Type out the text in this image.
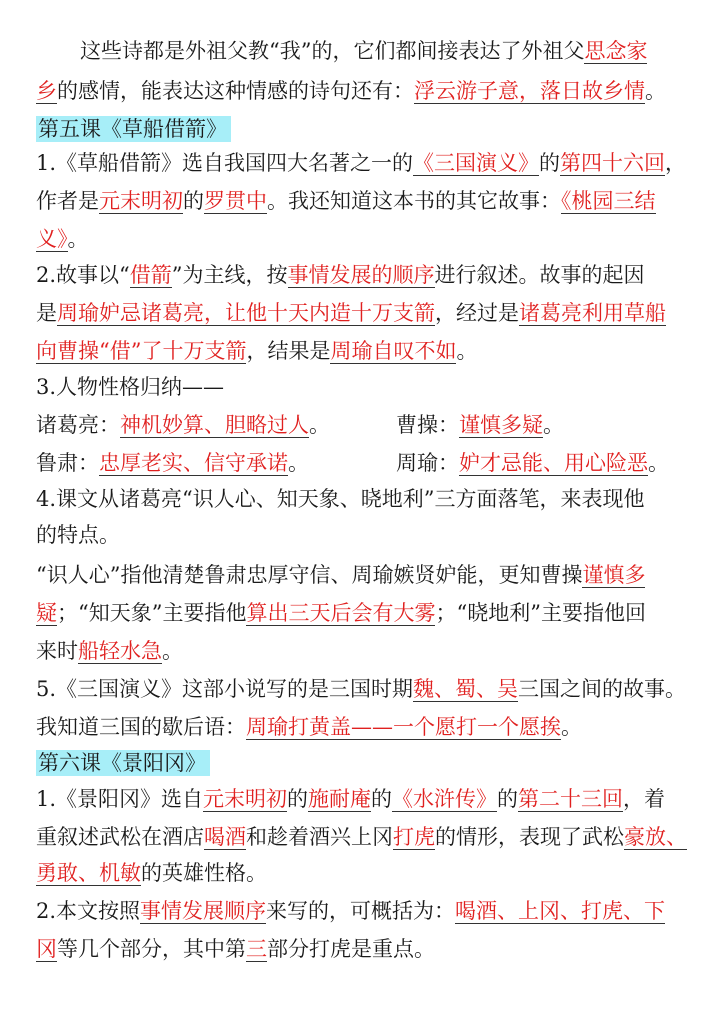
这些诗都是外祖父教“我”的，它们都间接表达了外祖父思念家
乡的感情，能表达这种情感的诗句还有：浮云游子意，落日故乡情。
第五课《草船借箭》
1.《草船借箭》选自我国四大名著之一的《三国演义》的第四十六回，
作者是元末明初的罗贯中。我还知道这本书的其它故事：《桃园三结
义》。
2.故事以“借箭”为主线，按事情发展的顺序进行叙述。故事的起因
是周瑜妒忌诸葛亮，让他十天内造十万支箭，经过是诸葛亮利用草船
向曹操“借”了十万支箭，结果是周瑜自叹不如。
3.人物性格归纳——
诸葛亮：神机妙算、胆略过人。	曹操：谨慎多疑。
鲁肃：忠厚老实、信守承诺。	周瑜：妒才忌能、用心险恶。
4.课文从诸葛亮“识人心、知天象、晓地利”三方面落笔，来表现他
的特点。
“识人心”指他清楚鲁肃忠厚守信、周瑜嫉贤妒能，更知曹操谨慎多
疑；“知天象”主要指他算出三天后会有大雾；“晓地利”主要指他回
来时船轻水急。
5.《三国演义》这部小说写的是三国时期魏、蜀、吴三国之间的故事。
我知道三国的歇后语：周瑜打黄盖——一个愿打一个愿挨。
第六课《景阳冈》
1.《景阳冈》选自元末明初的施耐庵的《水浒传》的第二十三回，着
重叙述武松在酒店喝酒和趁着酒兴上冈打虎的情形，表现了武松豪放、
勇敢、机敏的英雄性格。
2.本文按照事情发展顺序来写的，可概括为：喝酒、上冈、打虎、下
冈等几个部分，其中第三部分打虎是重点。
